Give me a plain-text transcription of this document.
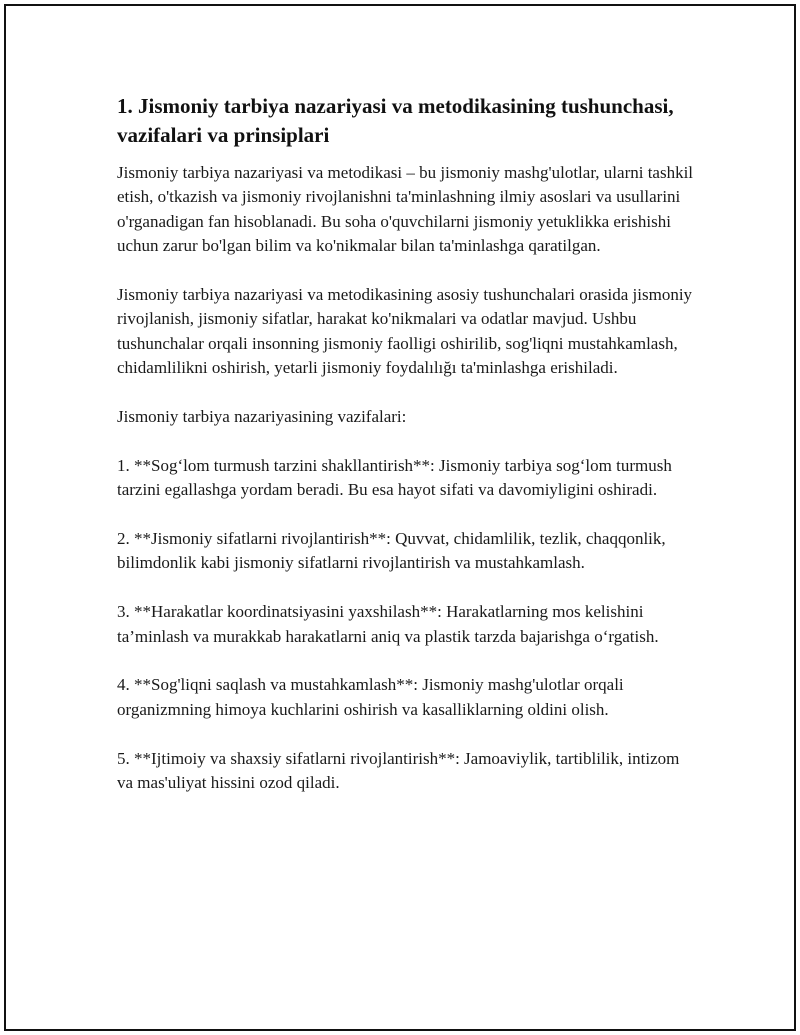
1. Jismoniy tarbiya nazariyasi va metodikasining tushunchasi, vazifalari va prinsiplari

Jismoniy tarbiya nazariyasi va metodikasi – bu jismoniy mashg'ulotlar, ularni tashkil etish, o'tkazish va jismoniy rivojlanishni ta'minlashning ilmiy asoslari va usullarini o'rganadigan fan hisoblanadi. Bu soha o'quvchilarni jismoniy yetuklikka erishishi uchun zarur bo'lgan bilim va ko'nikmalar bilan ta'minlashga qaratilgan.

Jismoniy tarbiya nazariyasi va metodikasining asosiy tushunchalari orasida jismoniy rivojlanish, jismoniy sifatlar, harakat ko'nikmalari va odatlar mavjud. Ushbu tushunchalar orqali insonning jismoniy faolligi oshirilib, sog'liqni mustahkamlash, chidamlilikni oshirish, yetarli jismoniy foydalılığı ta'minlashga erishiladi.

Jismoniy tarbiya nazariyasining vazifalari:

1. **Sog‘lom turmush tarzini shakllantirish**: Jismoniy tarbiya sog‘lom turmush tarzini egallashga yordam beradi. Bu esa hayot sifati va davomiyligini oshiradi.

2. **Jismoniy sifatlarni rivojlantirish**: Quvvat, chidamlilik, tezlik, chaqqonlik, bilimdonlik kabi jismoniy sifatlarni rivojlantirish va mustahkamlash.

3. **Harakatlar koordinatsiyasini yaxshilash**: Harakatlarning mos kelishini ta’minlash va murakkab harakatlarni aniq va plastik tarzda bajarishga o‘rgatish.

4. **Sog'liqni saqlash va mustahkamlash**: Jismoniy mashg'ulotlar orqali organizmning himoya kuchlarini oshirish va kasalliklarning oldini olish.

5. **Ijtimoiy va shaxsiy sifatlarni rivojlantirish**: Jamoaviylik, tartiblilik, intizom va mas'uliyat hissini ozod qiladi.
